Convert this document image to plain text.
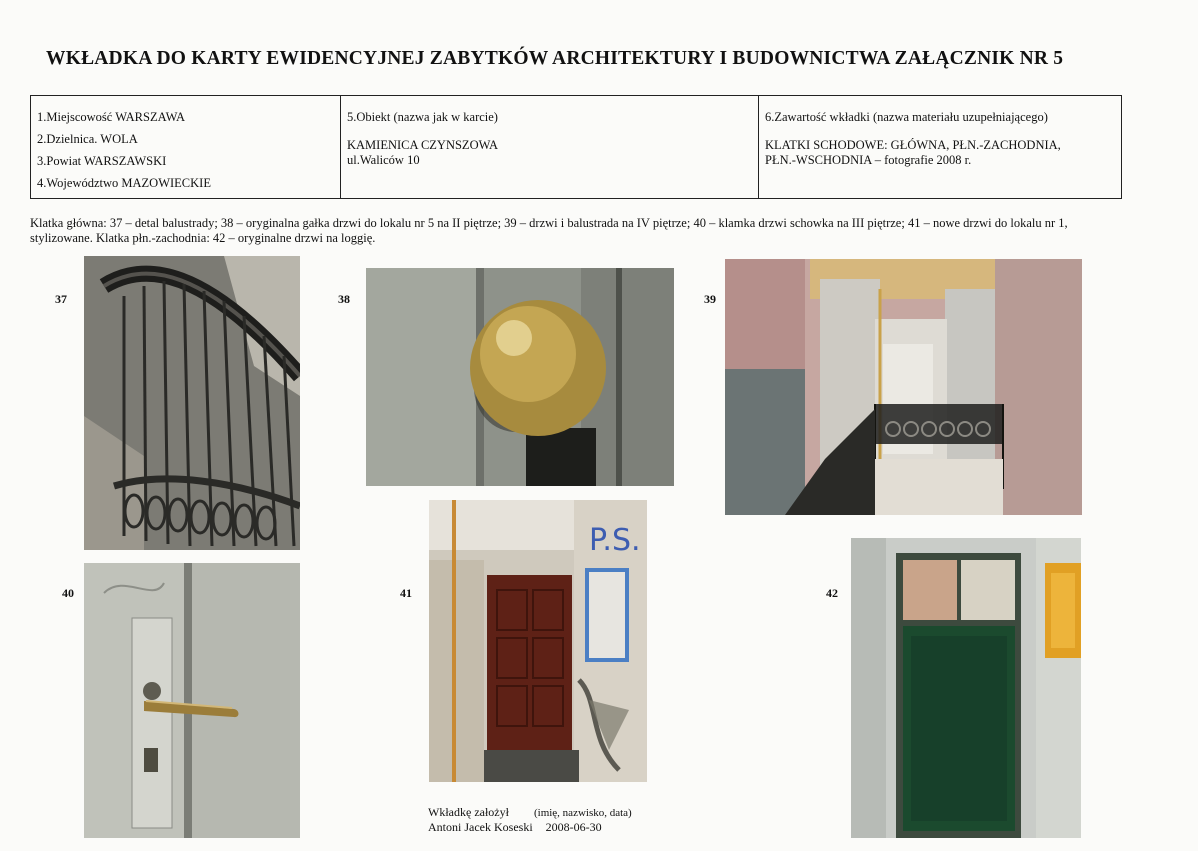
WKŁADKA DO KARTY EWIDENCYJNEJ ZABYTKÓW ARCHITEKTURY I BUDOWNICTWA ZAŁĄCZNIK NR 5
1.Miejscowość WARSZAWA
2.Dzielnica. WOLA
3.Powiat WARSZAWSKI
4.Województwo MAZOWIECKIE
5.Obiekt (nazwa jak w karcie)
KAMIENICA CZYNSZOWA
ul.Waliców 10
6.Zawartość wkładki (nazwa materiału uzupełniającego)
KLATKI SCHODOWE: GŁÓWNA, PŁN.-ZACHODNIA,
PŁN.-WSCHODNIA – fotografie 2008 r.
Klatka główna: 37 – detal balustrady; 38 – oryginalna gałka drzwi do lokalu nr 5 na II piętrze; 39 – drzwi i balustrada na IV piętrze; 40 – klamka drzwi schowka na III piętrze; 41 – nowe drzwi do lokalu nr 1,
stylizowane. Klatka płn.-zachodnia: 42 – oryginalne drzwi na loggię.
37	38	39
40	41	42
P.S.
Wkładkę założył (imię, nazwisko, data)
Antoni Jacek Koseski 2008-06-30
